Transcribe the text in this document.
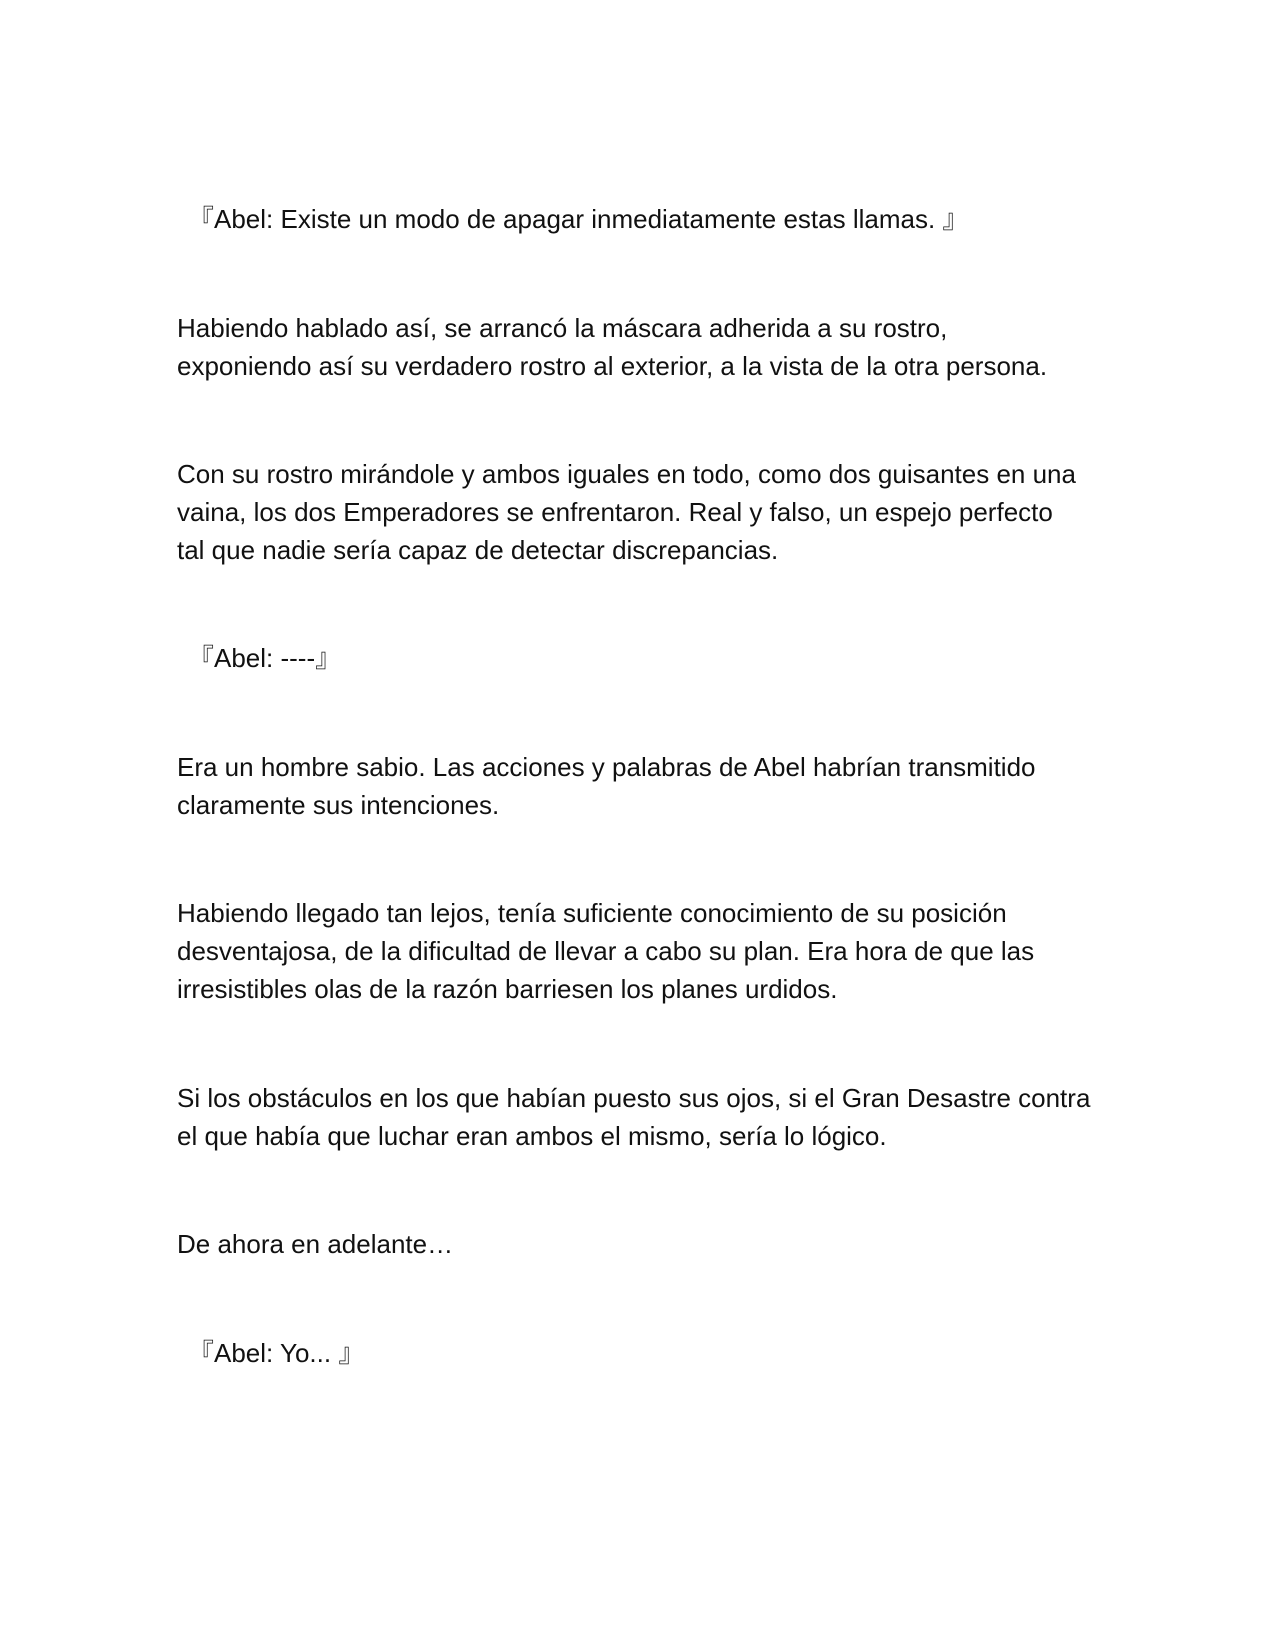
『Abel: Existe un modo de apagar inmediatamente estas llamas. 』

Habiendo hablado así, se arrancó la máscara adherida a su rostro,
exponiendo así su verdadero rostro al exterior, a la vista de la otra persona.

Con su rostro mirándole y ambos iguales en todo, como dos guisantes en una
vaina, los dos Emperadores se enfrentaron. Real y falso, un espejo perfecto
tal que nadie sería capaz de detectar discrepancias.

『Abel: ----』

Era un hombre sabio. Las acciones y palabras de Abel habrían transmitido
claramente sus intenciones.

Habiendo llegado tan lejos, tenía suficiente conocimiento de su posición
desventajosa, de la dificultad de llevar a cabo su plan. Era hora de que las
irresistibles olas de la razón barriesen los planes urdidos.

Si los obstáculos en los que habían puesto sus ojos, si el Gran Desastre contra
el que había que luchar eran ambos el mismo, sería lo lógico.

De ahora en adelante…

『Abel: Yo... 』
